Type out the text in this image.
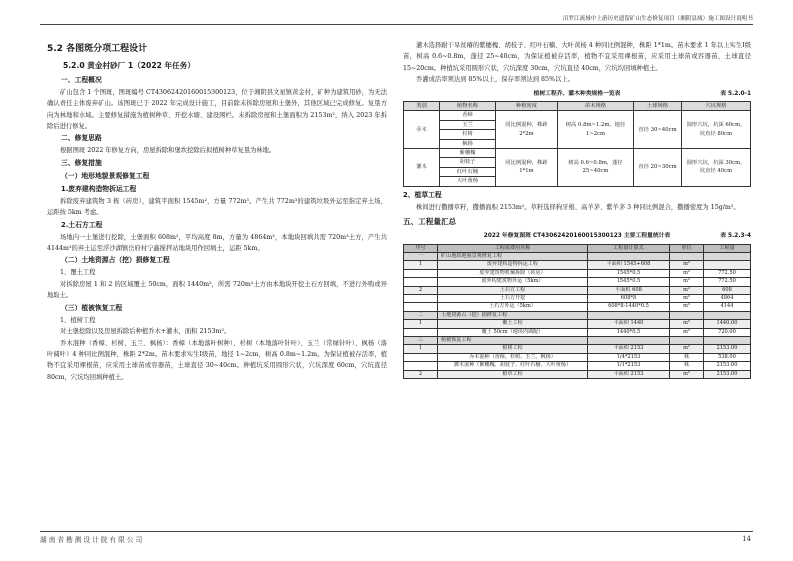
汨罗江流域中上游历史遗留矿山生态修复项目（湘阴县域）施工图设计说明书
5.2 各图斑分项工程设计
5.2.0 黄金村砂厂 1（2022 年任务）
一、工程概况

矿山包含 1 个图斑，图斑编号 CT43062420160015300123，位于湘阴县文星镇黄金村，矿种为建筑用砂，为无法确认责任主体废弃矿山。该图斑已于 2022 年完成设计施工，目前除未拆除房屋和土堡外，其他区域已完成修复。复垦方向为林地和水域。主要修复措施为植树种草、开挖水塘、建设围栏。未拆除房屋和土堡面积为 2153m²，纳入 2023 年拆除后进行修复。

二、修复思路

根据图斑 2022 年修复方向，房屋拆除和堡坎挖除后拟植树种草复垦为林地。

三、修复措施
（一）地形地貌景观修复工程
1.废弃建构造物拆运工程

拆除废弃建筑物 3 栋（砖房），建筑平面积 1545m²，方量 772m³。产生共 772m³的建筑垃圾外运至指定弃土场，运距按 5km 考虑。

2.土石方工程

场地内一土堡进行挖除，土堡面积 608m²，平均高度 8m，方量为 4864m³，本地块回填共需 720m³土方，产生共 4144m³的弃土运至浮沙湖镇岳府村宁鑫搅拌站地块用作回填土，运距 5km。

（二）土地资源占（挖）损修复工程

1、覆土工程

对拆除房屋 1 和 2 的区域覆土 50cm，面积 1440m²，所需 720m³土方由本地块开挖土石方回填，不进行外购或异地取土。

（三）植被恢复工程

1、植树工程

对土堡挖除以及房屋拆除后种植乔木+灌木，面积 2153m²。

乔木混种（香樟、杉树、玉兰、枫杨）：香樟（本地落叶树种）、杉树（本地落叶针叶）、玉兰（常绿针叶）、枫杨（落叶阔叶）4 种同比例混种，株距 2*2m。苗木要求实生Ⅰ级苗，地径 1~2cm，树高 0.8m~1.2m。为保证植被存活率，植物不宜采用裸根苗，应采用土球苗或容器苗，土球直径 30~40cm。种植坑采用圆形穴状，穴坑深度 60cm，穴坑直径 80cm，穴坑均回填种植土。

灌木选择耐干旱贫瘠的紫穗槐、胡枝子、红叶石楠、大叶黄杨 4 种同比例混种，株距 1*1m。苗木要求 1 年以上实生Ⅰ级苗，树高 0.6~0.8m，蓬径 25~40cm，为保证植被存活率，植物不宜采用裸根苗，应采用土球苗或容器苗，土球直径 15~20cm。种植坑采用圆形穴状，穴坑深度 30cm，穴坑直径 40cm，穴坑均回填种植土。

乔灌成活率须达到 85%以上，保存率须达到 85%以上。

植树工程乔、灌木种类规格一览表	表 5.2.0-1
类别	植物名称	种植密度	苗木规格	土球规格	穴坑规格
乔木	香樟	同比例混种，株距 2*2m	树高 0.8m~1.2m，地径 1~2cm	直径 30~40cm	圆形穴坑，坑深 60cm，坑直径 80cm
	玉兰				
	杉树				
	枫杨				
灌木	紫穗槐	同比例混种，株距 1*1m	树高 0.6~0.8m，蓬径 25~40cm	直径 20~30cm	圆形穴坑，坑深 30cm，坑直径 40cm
	胡枝子				
	红叶石楠				
	大叶黄杨				
2、植草工程

株间进行撒播草籽，撒播面积 2153m²。草籽选择狗牙根、高羊茅、紫羊茅 3 种同比例混合，撒播密度为 15g/m²。

五、工程量汇总
2022 年修复图斑 CT43062420160015300123 主要工程量统计表	表 5.2.3-4
序号	工程或费用名称	工程量计算式	单位	工程量
一	矿山地质地貌景观修复工程			
1	废弃建构造物拆运工程	平面积 1545+608	m²	
	废弃建筑物机械拆除（砖房）	1545*0.5	m³	772.50
	废弃构建筑物外运（5km）	1545*0.5	m³	772.50
2	土石方工程	平面积 608	m²	608
	土石方开挖	608*8	m³	4864
	土石方外运（5km）	608*8-1440*0.5	m³	4144
二	土地资源占（挖）损修复工程			
1	覆土工程	平面积 1440	m²	1440.00
	覆土 50cm（地块内调配）	1440*0.5	m³	720.00
三	植被恢复工程			
1	植树工程	平面积 2153	m²	2153.00
	乔木混种（香樟、杉树、玉兰、枫杨）	1/4*2153	株	538.00
	灌木混种（紫穗槐、胡枝子、红叶石楠、大叶黄杨）	1/1*2153	株	2153.00
2	植草工程	平面积 2153	m²	2153.00
湖 南 省 勘 测 设 计 院 有 限 公 司	14
